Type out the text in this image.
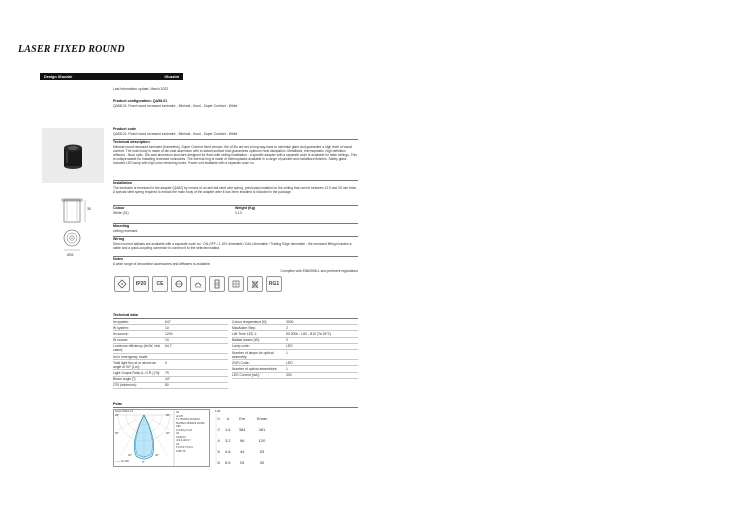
LASER FIXED ROUND
Design iGuzzini	iGuzzini
Last information update: March 2022
Product configuration: QA58.01
QA58.01: Fixed round recessed luminaire - Minimal - flood - Super Comfort - White
Product code
QA58.01: Fixed round recessed luminaire - Minimal - flood - Super Comfort - White
Technical description
Minimal round recessed luminaire (frameless), Super Comfort fixed version: the LEDs are set a long way back to minimise glare and guarantee a high level of visual comfort. The main body is made of die-cast aluminium with a radiant surface that guarantees optimum heat dissipation. Metallised, thermoplastic, high definition reflector - flood optic. Die-cast aluminium structure designed for flush with ceiling installation - a specific adapter with a separate code is available for false ceilings. This is indispensable for installing recessed luminaires. The internal ring is made of thermoplastic available in a range of painted and metallised finishes. Safety glass included LED lamp with high color rendering index. Power unit available with a separate code no.
Installation
The luminaire is recessed in the adapter (QA82) by means of an anti-fall steel wire spring, previously installed on the ceiling that can be between 12.5 and 25 mm thick. A special steel spring required to extract the main body of the adapter after it has been installed is included in the package.
35
Ø33
Colour
White (01)
Weight (Kg)
0.13
Mounting
ceiling recessed
Wiring
Direct current ballasts are available with a separate code no.: ON-OFF / 1-10V dimmable / DALI dimmable / Trailing Edge dimmable - the recessed fitting includes a cable and a quick-coupling connector to connect it to the selected ballast.
Notes
A wide range of decorative accessories and diffusers is available.
Complies with EN60598-1 and pertinent regulations
III	IP20	CE	RG1
Technical data
lm system:	647
W system:	10
lm source:	1200
W source:	10
Luminous efficiency (lm/W, real value):	64.7
lm in emergency mode:	
Total light flux at or above an angle of 90° [Lm]:	0
Light Output Ratio (L.O.R.) [%]:	79
Beam angle [°]:	44°
CRI (minimum):	80
Colour temperature [K]:	3000
MacAdam Step:	2
Life Time LED 1:	50.000h - L80 - B10 (Ta 25°C)
Ballast losses [W]:	0
Lamp code:	LED
Number of lamps for optical assembly:	1
ZVEI Code:	LED
Number of optical assemblies:	1
LED Current [mA]:	300
Polar
Imax=1024 cd
90°	90°
60°	60°
30°	30°
0°
C0
a=176
T1 75/200/2 60/200/3 50/200/4 45/200/5 40/200
C90
x=0.58,y=0.22
C0
UGR=10
d=0.9,d2=0.7
C0
T1 D=2,T1=0.5
LOR=79
—— C0-180
Lux
h	d	Em	Emax
2	1.6	384	481
4	3.2	96	120
6	4.8	44	53
8	6.5	25	30
